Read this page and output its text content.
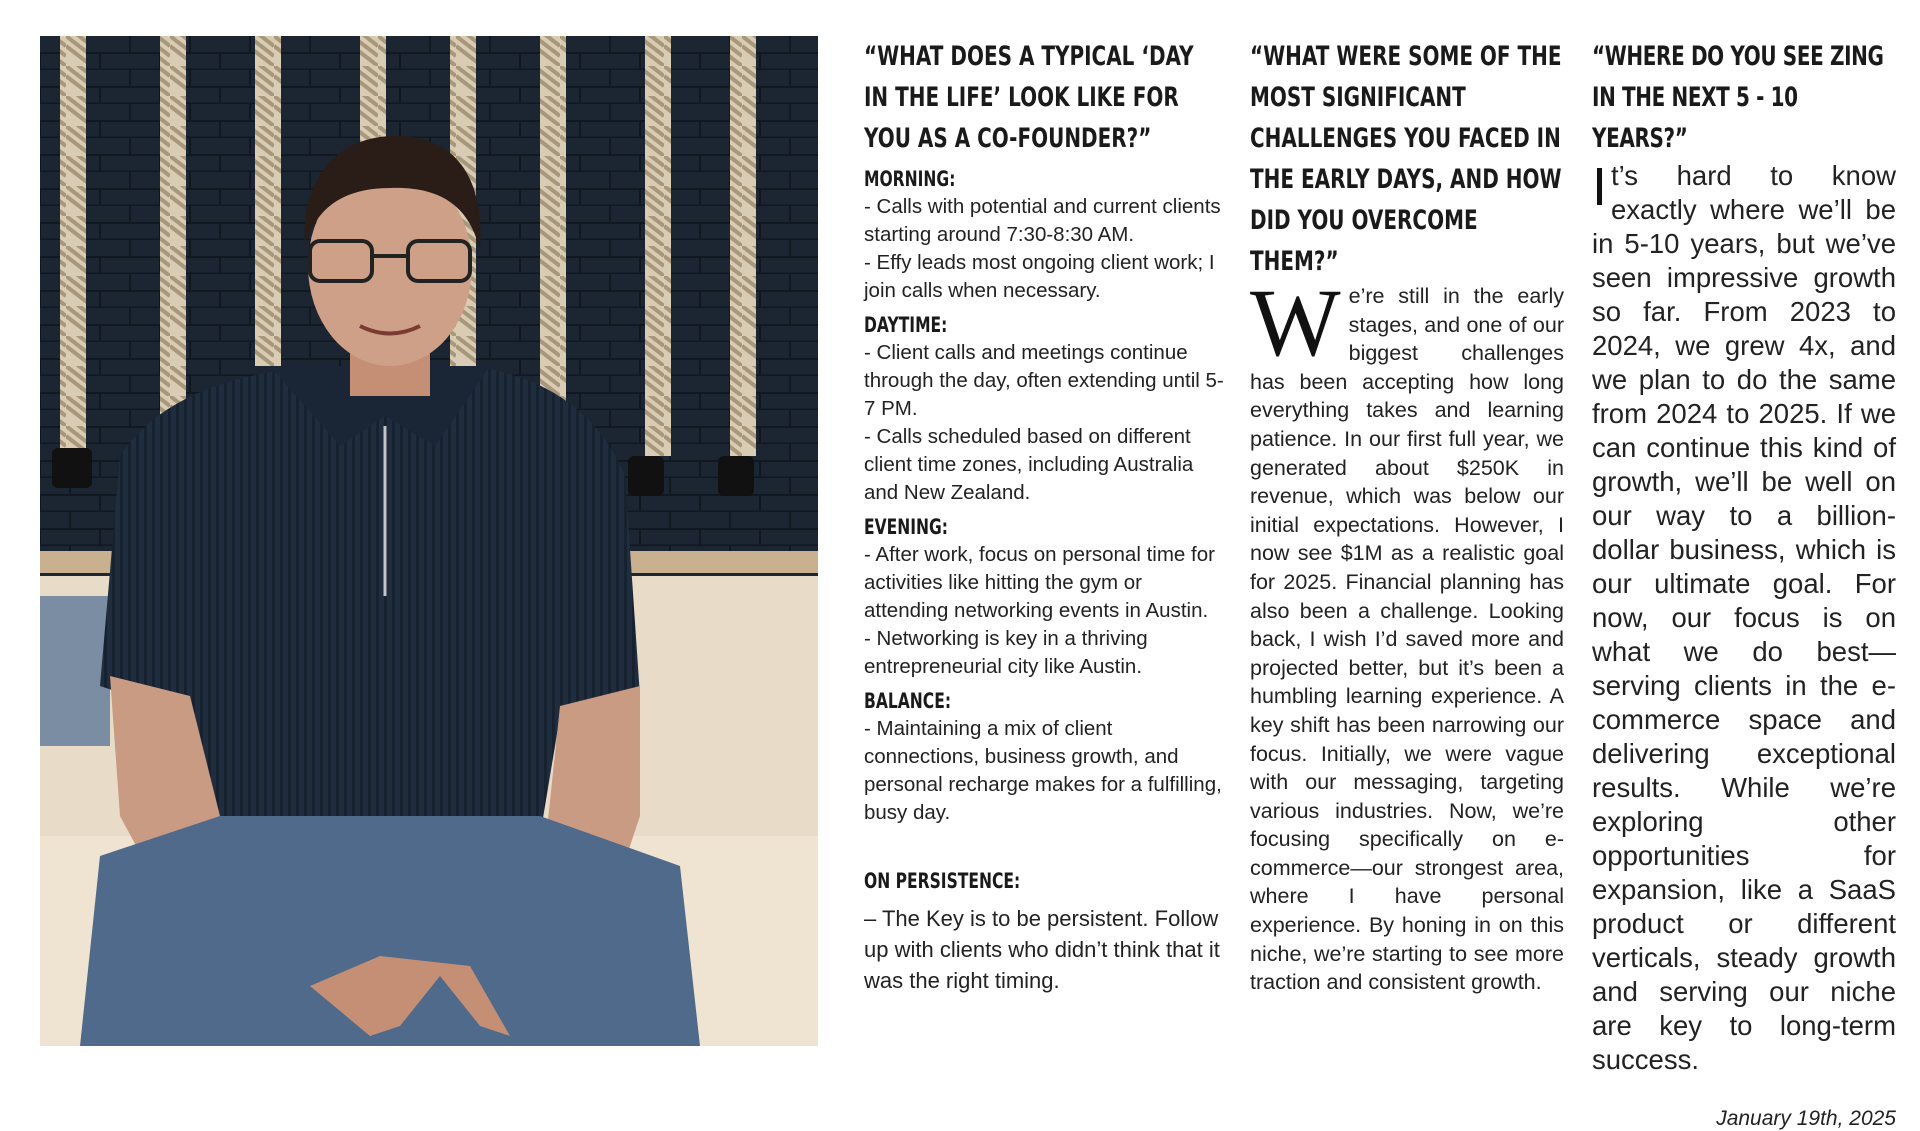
“WHAT DOES A TYPICAL ‘DAY IN THE LIFE’ LOOK LIKE FOR YOU AS A CO-FOUNDER?”
MORNING:

- Calls with potential and current clients starting around 7:30-8:30 AM.

- Effy leads most ongoing client work; I join calls when necessary.

DAYTIME:

- Client calls and meetings continue through the day, often extending until 5-7 PM.

- Calls scheduled based on different client time zones, including Australia and New Zealand.

EVENING:

- After work, focus on personal time for activities like hitting the gym or attending networking events in Austin.

- Networking is key in a thriving entrepreneurial city like Austin.

BALANCE:

- Maintaining a mix of client connections, business growth, and personal recharge makes for a fulfilling, busy day.

ON PERSISTENCE:

– The Key is to be persistent. Follow up with clients who didn’t think that it was the right timing.

“WHAT WERE SOME OF THE MOST SIGNIFICANT CHALLENGES YOU FACED IN THE EARLY DAYS, AND HOW DID YOU OVERCOME THEM?”

We’re still in the early stages, and one of our biggest challenges has been accepting how long everything takes and learning patience. In our first full year, we generated about $250K in revenue, which was below our initial expectations. However, I now see $1M as a realistic goal for 2025. Financial planning has also been a challenge. Looking back, I wish I’d saved more and projected better, but it’s been a humbling learning experience. A key shift has been narrowing our focus. Initially, we were vague with our messaging, targeting various industries. Now, we’re focusing specifically on e-commerce—our strongest area, where I have personal experience. By honing in on this niche, we’re starting to see more traction and consistent growth.

“WHERE DO YOU SEE ZING IN THE NEXT 5 - 10 YEARS?”

It’s hard to know exactly where we’ll be in 5-10 years, but we’ve seen impressive growth so far. From 2023 to 2024, we grew 4x, and we plan to do the same from 2024 to 2025. If we can continue this kind of growth, we’ll be well on our way to a billion-dollar business, which is our ultimate goal. For now, our focus is on what we do best—serving clients in the e-commerce space and delivering exceptional results. While we’re exploring other opportunities for expansion, like a SaaS product or different verticals, steady growth and serving our niche are key to long-term success.

January 19th, 2025
